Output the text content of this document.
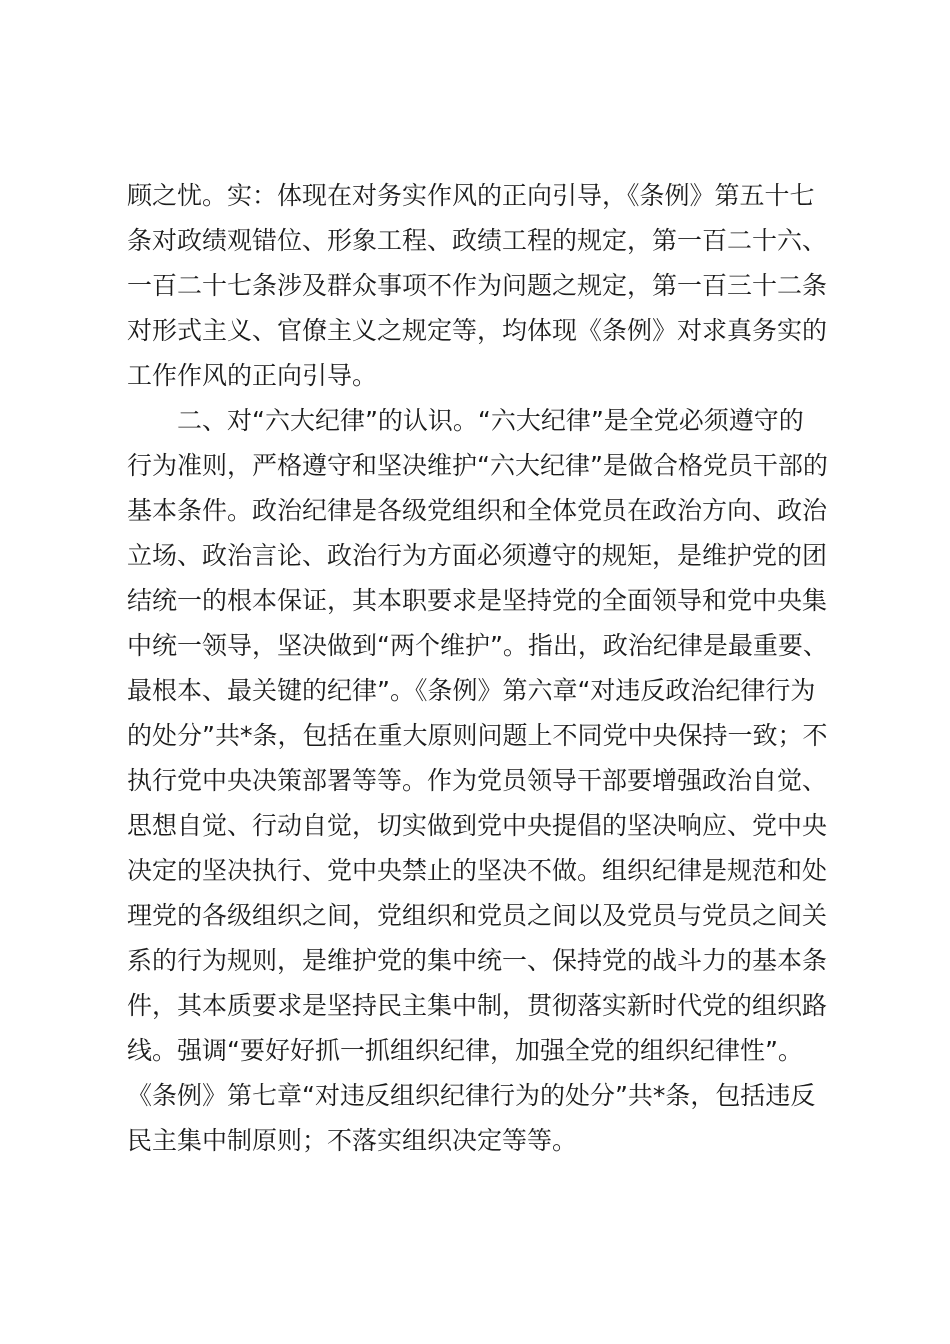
顾之忧。实：体现在对务实作风的正向引导，《条例》第五十七
条对政绩观错位、形象工程、政绩工程的规定，第一百二十六、
一百二十七条涉及群众事项不作为问题之规定，第一百三十二条
对形式主义、官僚主义之规定等，均体现《条例》对求真务实的
工作作风的正向引导。
二、对“六大纪律”的认识。“六大纪律”是全党必须遵守的
行为准则，严格遵守和坚决维护“六大纪律”是做合格党员干部的
基本条件。政治纪律是各级党组织和全体党员在政治方向、政治
立场、政治言论、政治行为方面必须遵守的规矩，是维护党的团
结统一的根本保证，其本职要求是坚持党的全面领导和党中央集
中统一领导，坚决做到“两个维护”。指出，政治纪律是最重要、
最根本、最关键的纪律”。《条例》第六章“对违反政治纪律行为
的处分”共*条，包括在重大原则问题上不同党中央保持一致；不
执行党中央决策部署等等。作为党员领导干部要增强政治自觉、
思想自觉、行动自觉，切实做到党中央提倡的坚决响应、党中央
决定的坚决执行、党中央禁止的坚决不做。组织纪律是规范和处
理党的各级组织之间，党组织和党员之间以及党员与党员之间关
系的行为规则，是维护党的集中统一、保持党的战斗力的基本条
件，其本质要求是坚持民主集中制，贯彻落实新时代党的组织路
线。强调“要好好抓一抓组织纪律，加强全党的组织纪律性”。
《条例》第七章“对违反组织纪律行为的处分”共*条，包括违反
民主集中制原则；不落实组织决定等等。
